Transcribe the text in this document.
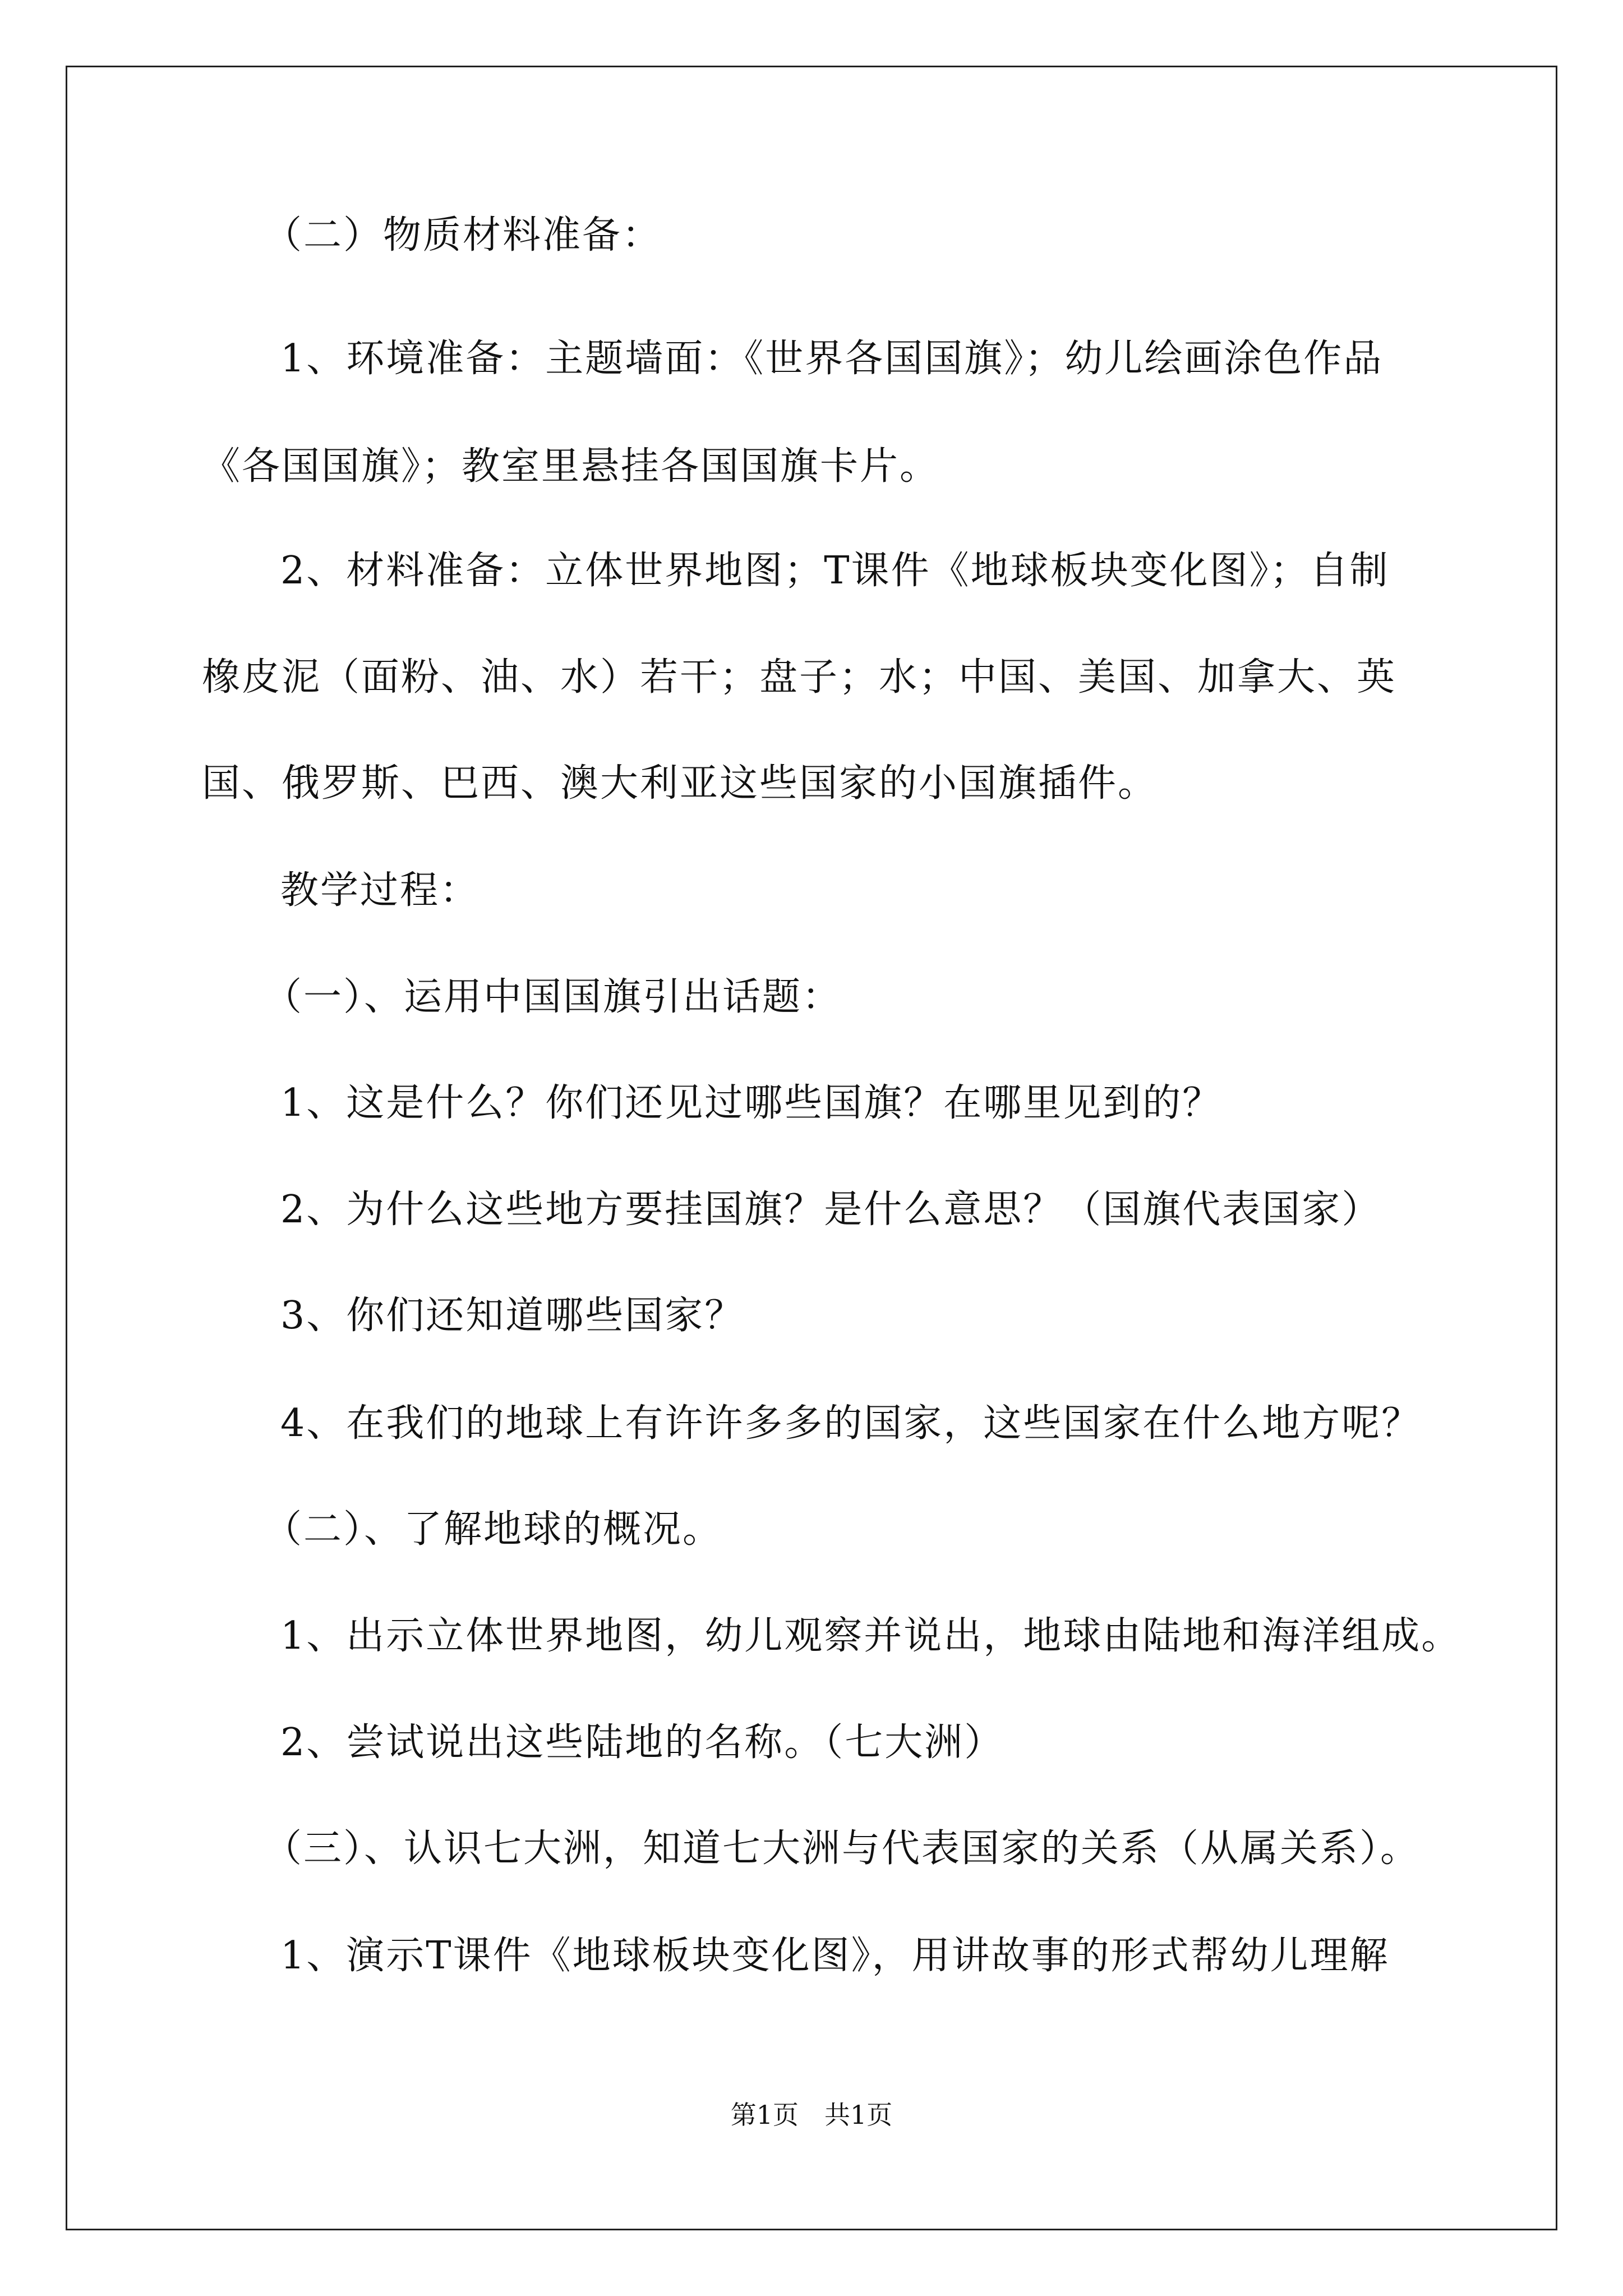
（二）物质材料准备：
1、环境准备：主题墙面：《世界各国国旗》；幼儿绘画涂色作品
《各国国旗》；教室里悬挂各国国旗卡片。
2、材料准备：立体世界地图；T课件《地球板块变化图》；自制
橡皮泥（面粉、油、水）若干；盘子；水；中国、美国、加拿大、英
国、俄罗斯、巴西、澳大利亚这些国家的小国旗插件。
教学过程：
（一）、运用中国国旗引出话题：
1、这是什么？你们还见过哪些国旗？在哪里见到的？
2、为什么这些地方要挂国旗？是什么意思？（国旗代表国家）
3、你们还知道哪些国家？
4、在我们的地球上有许许多多的国家，这些国家在什么地方呢？
（二）、了解地球的概况。
1、出示立体世界地图，幼儿观察并说出，地球由陆地和海洋组成。
2、尝试说出这些陆地的名称。（七大洲）
（三）、认识七大洲，知道七大洲与代表国家的关系（从属关系）。
1、演示T课件《地球板块变化图》，用讲故事的形式帮幼儿理解
第1页　共1页
